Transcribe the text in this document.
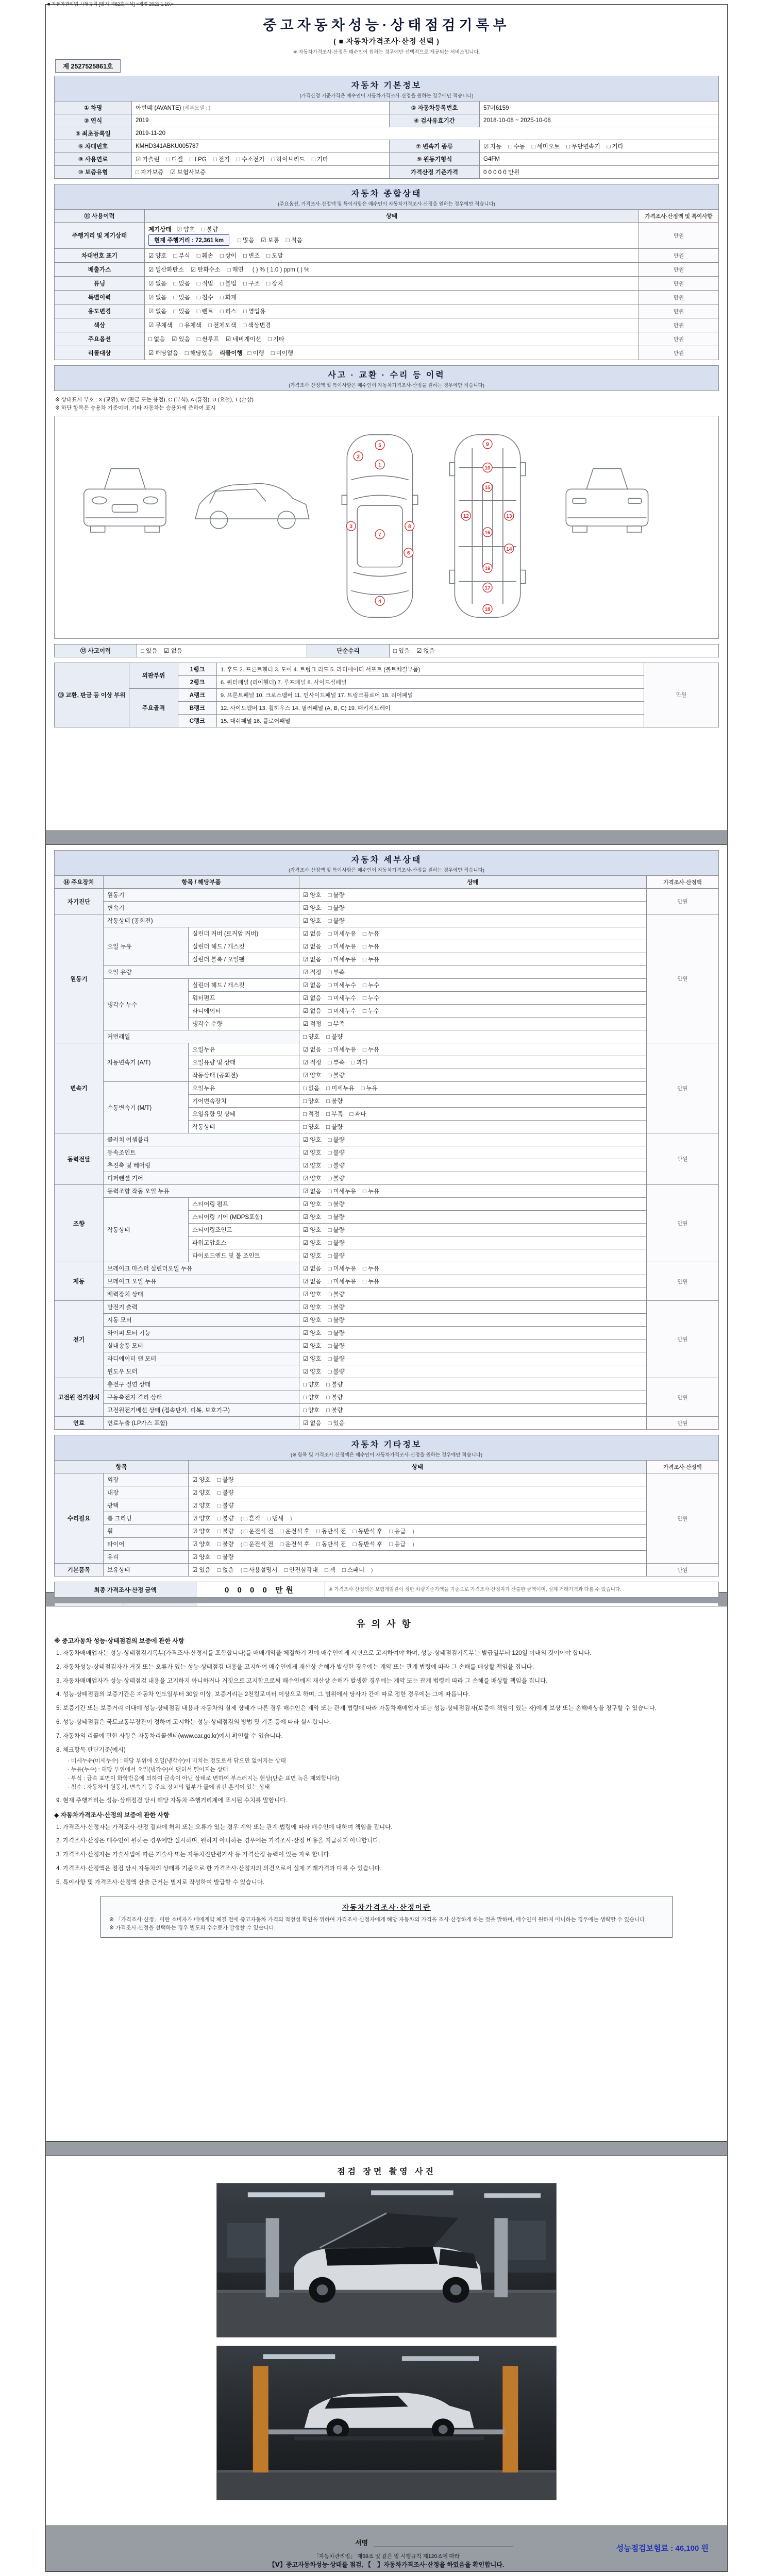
■ 자동차관리법 시행규칙 [별지 제82호서식] <개정 2021.1.19.>
중고자동차성능·상태점검기록부
( ■ 자동차가격조사·산정 선택 )
※ 자동차가격조사·산정은 매수인이 원하는 경우에만 선택적으로 제공되는 서비스입니다.
제 2527525861호
자동차 기본정보
(가격산정 기준가격은 매수인이 자동차가격조사·산정을 원하는 경우에만 적습니다)			

① 차명	아반떼 (AVANTE) (세부모델 : )	② 자동차등록번호	57머6159
③ 연식	2019	④ 검사유효기간	2018-10-08 ~ 2025-10-08
⑤ 최초등록일	2019-11-20		
⑥ 차대번호	KMHD341ABKU005787	⑦ 변속기 종류	☑ 자동 □ 수동 □ 세미오토 □ 무단변속기 □ 기타
⑧ 사용연료	☑ 가솔린 □ 디젤 □ LPG □ 전기 □ 수소전기 □ 하이브리드 □ 기타	⑨ 원동기형식	G4FM
⑩ 보증유형	□ 자가보증 ☑ 보험사보증	가격산정 기준가격	0 0 0 0 0 만원
자동차 종합상태
(주요옵션, 가격조사·산정액 및 특이사항은 매수인이 자동차가격조사·산정을 원하는 경우에만 적습니다)		

⑪ 사용이력	상태	가격조사·산정액 및 특이사항
주행거리 및 계기상태	계기상태 ☑ 양호 □ 불량
현재 주행거리 : 72,361 km □ 많음 ☑ 보통 □ 적음	만원
차대번호 표기	☑ 양호 □ 부식 □ 훼손 □ 상이 □ 변조 □ 도말	만원
배출가스	☑ 일산화탄소 ☑ 탄화수소 □ 매연 ( ) % ( 1.0 ) ppm ( ) %	만원
튜닝	☑ 없음 □ 있음 □ 적법 □ 불법 □ 구조 □ 장치	만원
특별이력	☑ 없음 □ 있음 □ 침수 □ 화재	만원
용도변경	☑ 없음 □ 있음 □ 렌트 □ 리스 □ 영업용	만원
색상	☑ 무채색 □ 유채색 □ 전체도색 □ 색상변경	만원
주요옵션	□ 없음 ☑ 있음 □ 썬루프 ☑ 네비게이션 □ 기타	만원
리콜대상	☑ 해당없음 □ 해당있음 리콜이행 □ 이행 □ 미이행	만원
사고 · 교환 · 수리 등 이력
(가격조사·산정액 및 특이사항은 매수인이 자동차가격조사·산정을 원하는 경우에만 적습니다)
※ 상태표시 부호 : X (교환), W (판금 또는 용접), C (부식), A (흠집), U (요철), T (손상)
※ 하단 항목은 승용차 기준이며, 기타 자동차는 승용차에 준하여 표시
5
1
2
3
7
6
8
4
9
10
15
12	13
16
14
19
17
18
⑫ 사고이력	□ 있음 ☑ 없음	단순수리	□ 있음 ☑ 없음
⑬ 교환, 판금 등 이상 부위	외판부위	1랭크	1. 후드 2. 프론트휀더 3. 도어 4. 트렁크 리드 5. 라디에이터 서포트 (볼트체결부품)	만원
		2랭크	6. 쿼터패널 (리어휀더) 7. 루프패널 8. 사이드실패널	
	주요골격	A랭크	9. 프론트패널 10. 크로스멤버 11. 인사이드패널 17. 트렁크플로어 18. 리어패널	
		B랭크	12. 사이드멤버 13. 휠하우스 14. 필러패널 (A, B, C) 19. 패키지트레이	
		C랭크	15. 대쉬패널 16. 플로어패널	
자동차 세부상태
(가격조사·산정액 및 특이사항은 매수인이 자동차가격조사·산정을 원하는 경우에만 적습니다)				

⑭ 주요장치	항목 / 해당부품		상태	가격조사·산정액
자기진단	원동기		☑ 양호 □ 불량	만원
	변속기		☑ 양호 □ 불량	
원동기	작동상태 (공회전)		☑ 양호 □ 불량	만원
	오일 누유	실린더 커버 (로커암 커버)	☑ 없음 □ 미세누유 □ 누유	
		실린더 헤드 / 개스킷	☑ 없음 □ 미세누유 □ 누유	
		실린더 블록 / 오일팬	☑ 없음 □ 미세누유 □ 누유	
	오일 유량		☑ 적정 □ 부족	
	냉각수 누수	실린더 헤드 / 개스킷	☑ 없음 □ 미세누수 □ 누수	
		워터펌프	☑ 없음 □ 미세누수 □ 누수	
		라디에이터	☑ 없음 □ 미세누수 □ 누수	
		냉각수 수량	☑ 적정 □ 부족	
	커먼레일		□ 양호 □ 불량	
변속기	자동변속기 (A/T)	오일누유	☑ 없음 □ 미세누유 □ 누유	만원
		오일유량 및 상태	☑ 적정 □ 부족 □ 과다	
		작동상태 (공회전)	☑ 양호 □ 불량	
	수동변속기 (M/T)	오일누유	□ 없음 □ 미세누유 □ 누유	
		기어변속장치	□ 양호 □ 불량	
		오일유량 및 상태	□ 적정 □ 부족 □ 과다	
		작동상태	□ 양호 □ 불량	
동력전달	클러치 어셈블리		☑ 양호 □ 불량	만원
	등속조인트		☑ 양호 □ 불량	
	추진축 및 베어링		☑ 양호 □ 불량	
	디퍼렌셜 기어		☑ 양호 □ 불량	
조향	동력조향 작동 오일 누유		☑ 없음 □ 미세누유 □ 누유	만원
	작동상태	스티어링 펌프	☑ 양호 □ 불량	
		스티어링 기어 (MDPS포함)	☑ 양호 □ 불량	
		스티어링조인트	☑ 양호 □ 불량	
		파워고압호스	☑ 양호 □ 불량	
		타이로드엔드 및 볼 조인트	☑ 양호 □ 불량	
제동	브레이크 마스터 실린더오일 누유		☑ 없음 □ 미세누유 □ 누유	만원
	브레이크 오일 누유		☑ 없음 □ 미세누유 □ 누유	
	배력장치 상태		☑ 양호 □ 불량	
전기	발전기 출력		☑ 양호 □ 불량	만원
	시동 모터		☑ 양호 □ 불량	
	와이퍼 모터 기능		☑ 양호 □ 불량	
	실내송풍 모터		☑ 양호 □ 불량	
	라디에이터 팬 모터		☑ 양호 □ 불량	
	윈도우 모터		☑ 양호 □ 불량	
고전원 전기장치	충전구 절연 상태		□ 양호 □ 불량	만원
	구동축전지 격리 상태		□ 양호 □ 불량	
	고전원전기배선 상태 (접속단자, 피복, 보호기구)		□ 양호 □ 불량	
연료	연료누출 (LP가스 포함)		☑ 없음 □ 있음	만원
자동차 기타정보
(※ 항목 및 가격조사·산정액은 매수인이 자동차가격조사·산정을 원하는 경우에만 적습니다)			

항목		상태	가격조사·산정액
수리필요	외장	☑ 양호 □ 불량	만원
	내장	☑ 양호 □ 불량	
	광택	☑ 양호 □ 불량	
	룸 크리닝	☑ 양호 □ 불량 ( □ 흔적 □ 냄새 )	
	휠	☑ 양호 □ 불량 ( □ 운전석 전 □ 운전석 후 □ 동반석 전 □ 동반석 후 □ 응급 )	
	타이어	☑ 양호 □ 불량 ( □ 운전석 전 □ 운전석 후 □ 동반석 전 □ 동반석 후 □ 응급 )	
	유리	☑ 양호 □ 불량	
기본품목	보유상태	☑ 있음 □ 없음 ( □ 사용설명서 □ 안전삼각대 □ 잭 □ 스패너 )	만원
최종 가격조사·산정 금액	0 0 0 0 만원	※ 가격조사·산정액은 보험개발원이 정한 차량기준가액을 기준으로 가격조사·산정자가 산출한 금액이며, 실제 거래가격과 다를 수 있습니다.

유의사항
※ 중고자동차 성능·상태점검의 보증에 관한 사항
1. 자동차매매업자는 성능·상태점검기록부(가격조사·산정서를 포함합니다)를 매매계약을 체결하기 전에 매수인에게 서면으로 고지하여야 하며, 성능·상태점검기록부는 발급일부터 120일 이내의 것이어야 합니다.
2. 자동차성능·상태점검자가 거짓 또는 오류가 있는 성능·상태점검 내용을 고지하여 매수인에게 재산상 손해가 발생한 경우에는 계약 또는 관계 법령에 따라 그 손해를 배상할 책임을 집니다.
3. 자동차매매업자가 성능·상태점검 내용을 고지하지 아니하거나 거짓으로 고지함으로써 매수인에게 재산상 손해가 발생한 경우에는 계약 또는 관계 법령에 따라 그 손해를 배상할 책임을 집니다.
4. 성능·상태점검의 보증기간은 자동차 인도일부터 30일 이상, 보증거리는 2천킬로미터 이상으로 하며, 그 범위에서 당사자 간에 따로 정한 경우에는 그에 따릅니다.
5. 보증기간 또는 보증거리 이내에 성능·상태점검 내용과 자동차의 실제 상태가 다른 경우 매수인은 계약 또는 관계 법령에 따라 자동차매매업자 또는 성능·상태점검자(보증에 책임이 있는 자)에게 보상 또는 손해배상을 청구할 수 있습니다.
6. 성능·상태점검은 국토교통부장관이 정하여 고시하는 성능·상태점검의 방법 및 기준 등에 따라 실시합니다.
7. 자동차의 리콜에 관한 사항은 자동차리콜센터(www.car.go.kr)에서 확인할 수 있습니다.
8. 체크항목 판단기준(예시)
· 미세누유(미세누수) : 해당 부위에 오일(냉각수)이 비치는 정도로서 닦으면 없어지는 상태
· 누유(누수) : 해당 부위에서 오일(냉각수)이 맺혀서 떨어지는 상태
· 부식 : 금속 표면이 화학반응에 의하여 금속이 아닌 상태로 변하여 부스러지는 현상(단순 표면 녹은 제외합니다)
· 침수 : 자동차의 원동기, 변속기 등 주요 장치의 일부가 물에 잠긴 흔적이 있는 상태
9. 현재 주행거리는 성능·상태점검 당시 해당 자동차 주행거리계에 표시된 수치를 말합니다.
◆ 자동차가격조사·산정의 보증에 관한 사항
1. 가격조사·산정자는 가격조사·산정 결과에 허위 또는 오류가 있는 경우 계약 또는 관계 법령에 따라 매수인에 대하여 책임을 집니다.
2. 가격조사·산정은 매수인이 원하는 경우에만 실시하며, 원하지 아니하는 경우에는 가격조사·산정 비용을 지급하지 아니합니다.
3. 가격조사·산정자는 기술사법에 따른 기술사 또는 자동차진단평가사 등 가격산정 능력이 있는 자로 합니다.
4. 가격조사·산정액은 점검 당시 자동차의 상태를 기준으로 한 가격조사·산정자의 의견으로서 실제 거래가격과 다를 수 있습니다.
5. 특이사항 및 가격조사·산정액 산출 근거는 별지로 작성하여 발급할 수 있습니다.
자동차가격조사·산정이란
※ 「가격조사·산정」이란 소비자가 매매계약 체결 전에 중고자동차 가격의 적정성 확인을 위하여 가격조사·산정자에게 해당 자동차의 가격을 조사·산정하게 하는 것을 말하며, 매수인이 원하지 아니하는 경우에는 생략할 수 있습니다.
※ 가격조사·산정을 선택하는 경우 별도의 수수료가 발생할 수 있습니다.
점검 장면 촬영 사진
서명
성능점검보험료 : 46,100 원
「자동차관리법」 제58조 및 같은 법 시행규칙 제120조에 따라
【Ⅴ】중고자동차성능·상태를 점검, 【　】자동차가격조사·산정을 하였음을 확인합니다.
